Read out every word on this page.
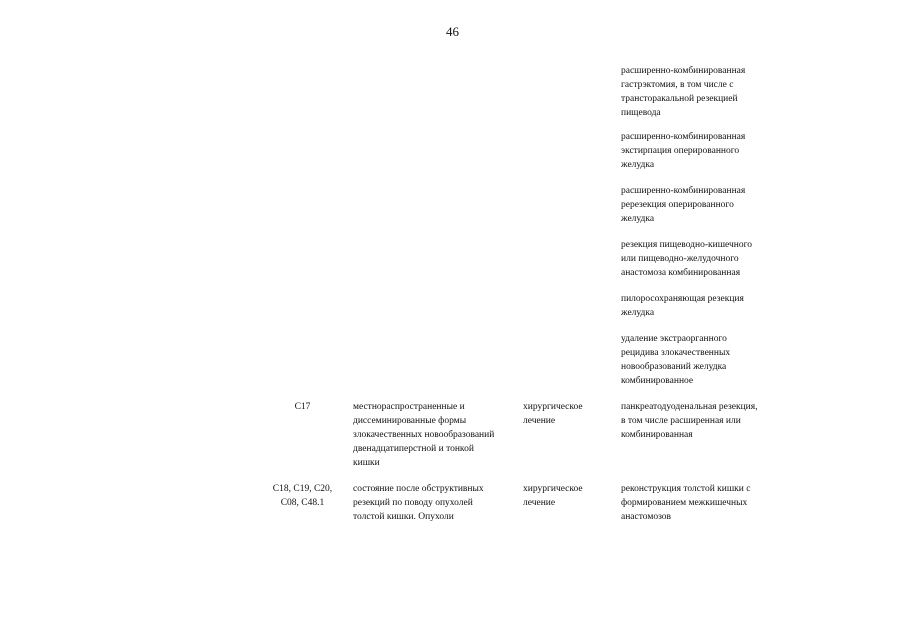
46
расширенно-комбинированная
гастрэктомия, в том числе с
трансторакальной резекцией
пищевода
расширенно-комбинированная
экстирпация оперированного
желудка
расширенно-комбинированная
ререзекция оперированного
желудка
резекция пищеводно-кишечного
или пищеводно-желудочного
анастомоза комбинированная
пилоросохраняющая резекция
желудка
удаление экстраорганного
рецидива злокачественных
новообразований желудка
комбинированное
C17	местнораспространенные и
диссеминированные формы
злокачественных новообразований
двенадцатиперстной и тонкой
кишки
хирургическое
лечение
панкреатодуоденальная резекция,
в том числе расширенная или
комбинированная
C18, C19, C20,
C08, C48.1
состояние после обструктивных
резекций по поводу опухолей
толстой кишки. Опухоли
хирургическое
лечение
реконструкция толстой кишки с
формированием межкишечных
анастомозов
